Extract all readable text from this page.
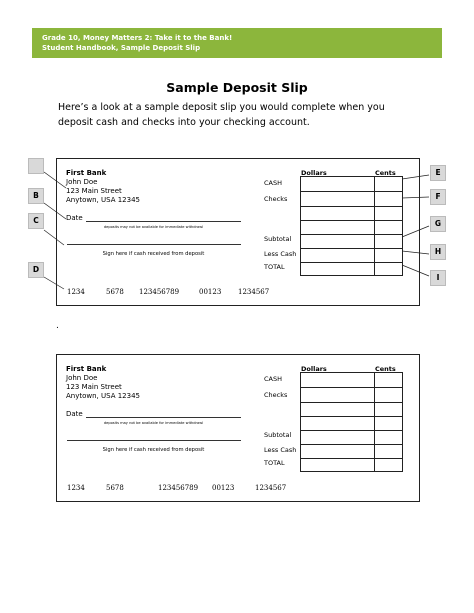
Grade 10, Money Matters 2: Take it to the Bank!
Student Handbook, Sample Deposit Slip
Sample Deposit Slip
Here’s a look at a sample deposit slip you would complete when you deposit cash and checks into your checking account.
First Bank
John Doe
123 Main Street
Anytown, USA 12345
Date
deposits may not be available for immediate withdrawl
Sign here if cash received from deposit
Dollars	Cents
CASH
Checks
Subtotal
Less Cash
TOTAL
1234	5678 123456789	00123 1234567
B
C
D
E
F
G
H
I
.
First Bank
John Doe
123 Main Street
Anytown, USA 12345
Date
deposits may not be available for immediate withdrawl
Sign here if cash received from deposit
Dollars	Cents
CASH
Checks
Subtotal
Less Cash
TOTAL
1234	5678	123456789 00123	1234567
